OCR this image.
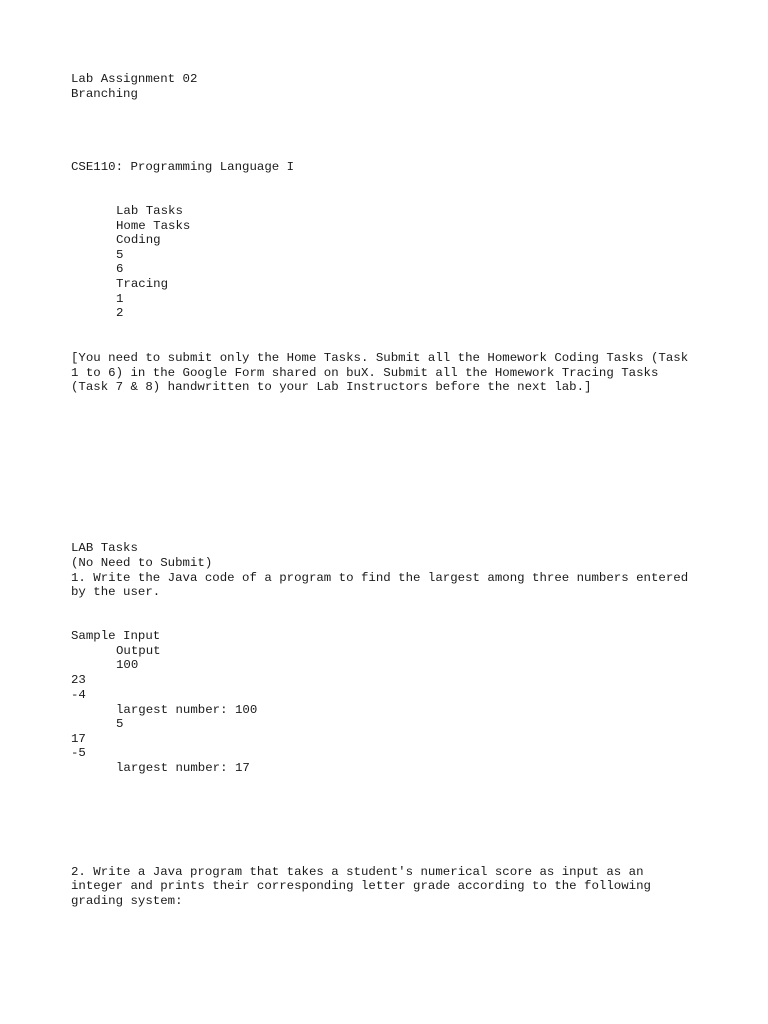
Lab Assignment 02
Branching
CSE110: Programming Language I
Lab Tasks
Home Tasks
Coding
5
6
Tracing
1
2
[You need to submit only the Home Tasks. Submit all the Homework Coding Tasks (Task
1 to 6) in the Google Form shared on buX. Submit all the Homework Tracing Tasks
(Task 7 & 8) handwritten to your Lab Instructors before the next lab.]
LAB Tasks
(No Need to Submit)
1. Write the Java code of a program to find the largest among three numbers entered
by the user.
Sample Input
Output
100
23
-4
largest number: 100
5
17
-5
largest number: 17
2. Write a Java program that takes a student's numerical score as input as an
integer and prints their corresponding letter grade according to the following
grading system:
